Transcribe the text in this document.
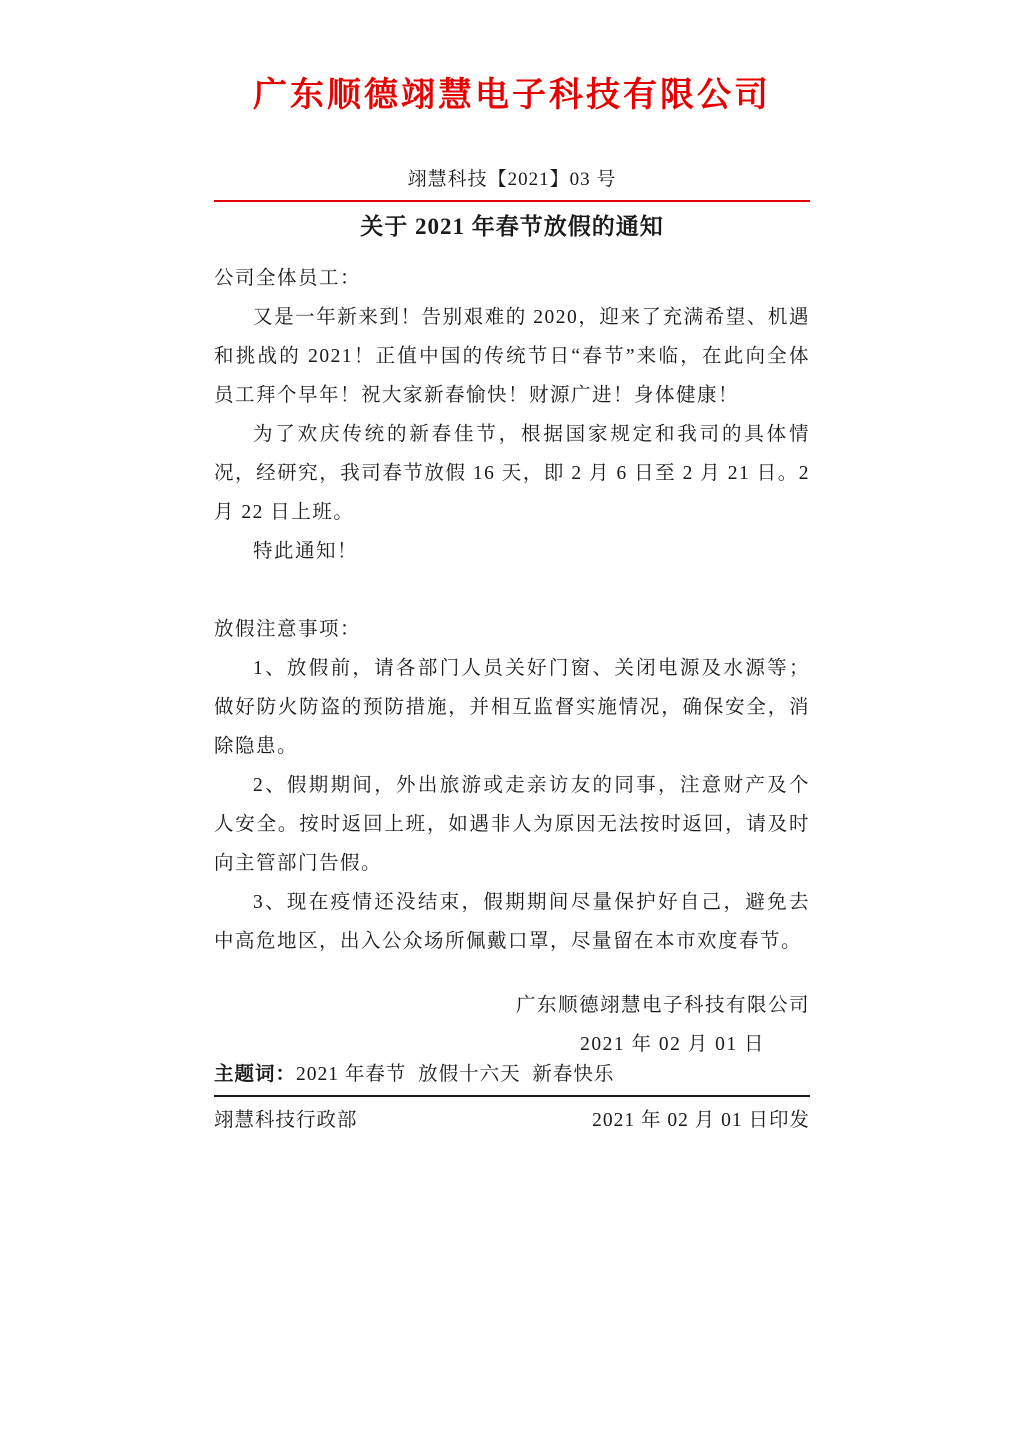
广东顺德翊慧电子科技有限公司
翊慧科技【2021】03 号
关于 2021 年春节放假的通知

公司全体员工：

又是一年新来到！告别艰难的 2020，迎来了充满希望、机遇和挑战的 2021！正值中国的传统节日“春节”来临，在此向全体员工拜个早年！祝大家新春愉快！财源广进！身体健康！

为了欢庆传统的新春佳节，根据国家规定和我司的具体情况，经研究，我司春节放假 16 天，即 2 月 6 日至 2 月 21 日。2 月 22 日上班。

特此通知！

放假注意事项：

1、放假前，请各部门人员关好门窗、关闭电源及水源等；做好防火防盗的预防措施，并相互监督实施情况，确保安全，消除隐患。

2、假期期间，外出旅游或走亲访友的同事，注意财产及个人安全。按时返回上班，如遇非人为原因无法按时返回，请及时向主管部门告假。

3、现在疫情还没结束，假期期间尽量保护好自己，避免去中高危地区，出入公众场所佩戴口罩，尽量留在本市欢度春节。

广东顺德翊慧电子科技有限公司
2021 年 02 月 01 日

主题词：2021 年春节  放假十六天  新春快乐

翊慧科技行政部	2021 年 02 月 01 日印发
